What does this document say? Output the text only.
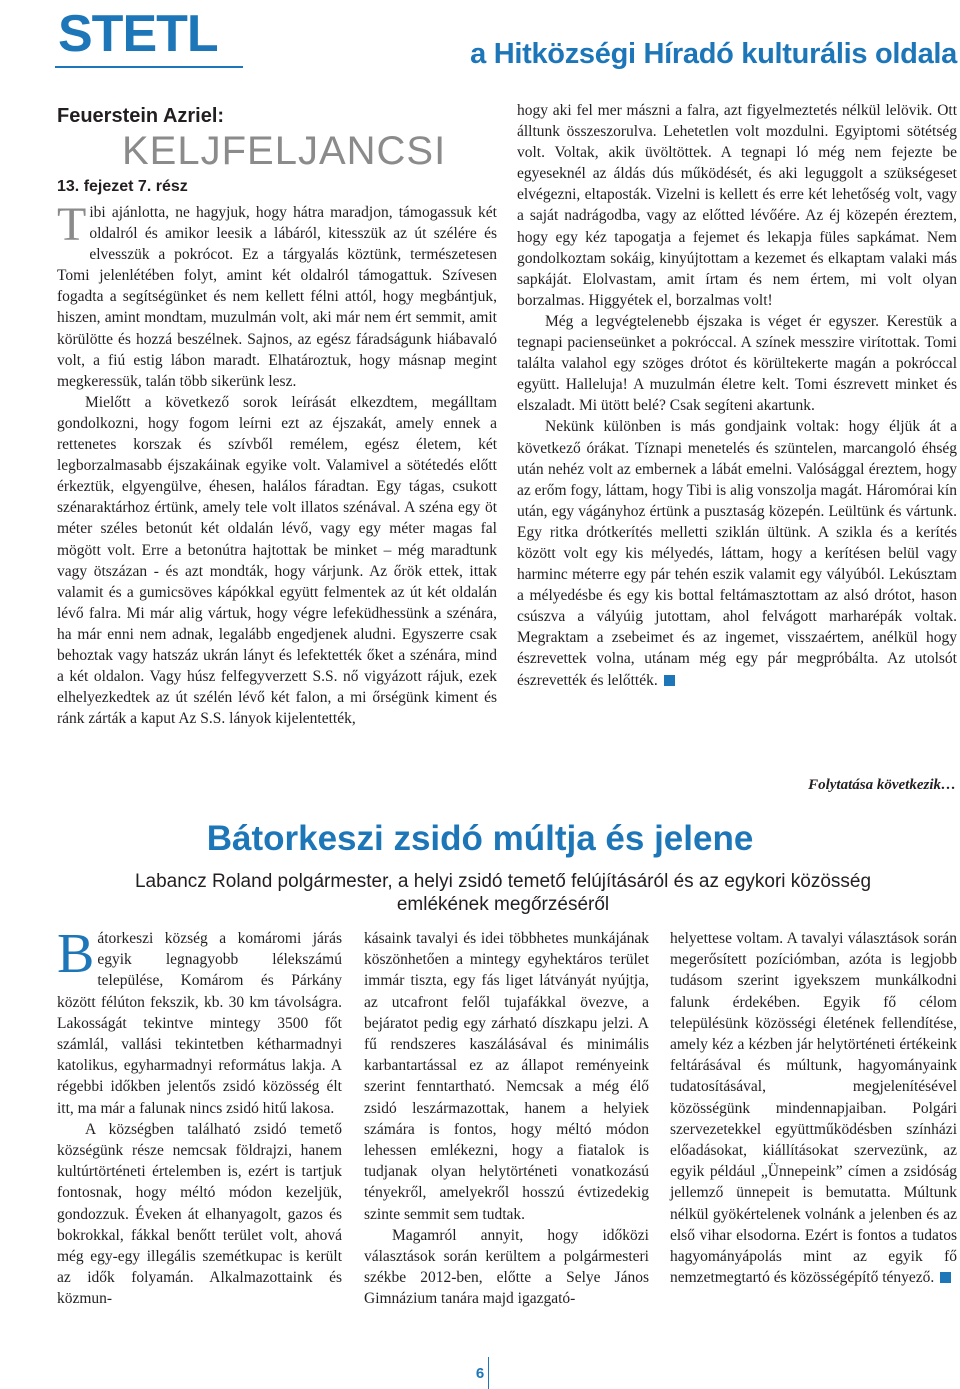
STETL	a Hitközségi Híradó kulturális oldala
Feuerstein Azriel:
KELJFELJANCSI
13. fejezet 7. rész

Tibi ajánlotta, ne hagyjuk, hogy hátra maradjon, támogassuk két oldalról és amikor leesik a lábáról, kitesszük az út szélére és elvesszük a pokrócot. Ez a tárgyalás köztünk, természetesen Tomi jelenlétében folyt, amint két oldalról támogattuk. Szívesen fogadta a segítségünket és nem kellett félni attól, hogy megbántjuk, hiszen, amint mondtam, muzulmán volt, aki már nem ért semmit, amit körülötte és hozzá beszélnek. Sajnos, az egész fáradságunk hiábavaló volt, a fiú estig lábon maradt. Elhatároztuk, hogy másnap megint megkeressük, talán több sikerünk lesz.

Mielőtt a következő sorok leírását elkezdtem, megálltam gondolkozni, hogy fogom leírni ezt az éjszakát, amely ennek a rettenetes korszak és szívből remélem, egész életem, két legborzalmasabb éjszakáinak egyike volt. Valamivel a sötétedés előtt érkeztük, elgyengülve, éhesen, halálos fáradtan. Egy tágas, csukott szénaraktárhoz értünk, amely tele volt illatos szénával. A széna egy öt méter széles betonút két oldalán lévő, vagy egy méter magas fal mögött volt. Erre a betonútra hajtottak be minket – még maradtunk vagy ötszázan - és azt mondták, hogy várjunk. Az őrök ettek, ittak valamit és a gumicsöves kápókkal együtt felmentek az út két oldalán lévő falra. Mi már alig vártuk, hogy végre lefeküdhessünk a szénára, ha már enni nem adnak, legalább engedjenek aludni. Egyszerre csak behoztak vagy hatszáz ukrán lányt és lefektették őket a szénára, mind a két oldalon. Vagy húsz felfegyverzett S.S. nő vigyázott rájuk, ezek elhelyezkedtek az út szélén lévő két falon, a mi őrségünk kiment és ránk zárták a kaput Az S.S. lányok kijelentették,

hogy aki fel mer mászni a falra, azt figyelmeztetés nélkül lelövik. Ott álltunk összeszorulva. Lehetetlen volt mozdulni. Egyiptomi sötétség volt. Voltak, akik üvöltöttek. A tegnapi ló még nem fejezte be egyeseknél az áldás dús működését, és aki leguggolt a szükségeset elvégezni, eltaposták. Vizelni is kellett és erre két lehetőség volt, vagy a saját nadrágodba, vagy az előtted lévőére. Az éj közepén éreztem, hogy egy kéz tapogatja a fejemet és lekapja füles sapkámat. Nem gondolkoztam sokáig, kinyújtottam a kezemet és elkaptam valaki más sapkáját. Elolvastam, amit írtam és nem értem, mi volt olyan borzalmas. Higgyétek el, borzalmas volt!

Még a legvégtelenebb éjszaka is véget ér egyszer. Kerestük a tegnapi pacienseünket a pokróccal. A színek messzire virítottak. Tomi találta valahol egy szöges drótot és körültekerte magán a pokróccal együtt. Halleluja! A muzulmán életre kelt. Tomi észrevett minket és elszaladt. Mi ütött belé? Csak segíteni akartunk.

Nekünk különben is más gondjaink voltak: hogy éljük át a következő órákat. Tíznapi menetelés és szüntelen, marcangoló éhség után nehéz volt az embernek a lábát emelni. Valósággal éreztem, hogy az erőm fogy, láttam, hogy Tibi is alig vonszolja magát. Háromórai kín után, egy vágányhoz értünk a pusztaság közepén. Leültünk és vártunk. Egy ritka drótkerítés melletti sziklán ültünk. A szikla és a kerítés között volt egy kis mélyedés, láttam, hogy a kerítésen belül vagy harminc méterre egy pár tehén eszik valamit egy vályúból. Lekúsztam a mélyedésbe és egy kis bottal feltámasztottam az alsó drótot, hason csúszva a vályúig jutottam, ahol felvágott marharépák voltak. Megraktam a zsebeimet és az ingemet, visszaértem, anélkül hogy észrevettek volna, utánam még egy pár megpróbálta. Az utolsót észrevették és lelőtték.

Folytatása következik…
Bátorkeszi zsidó múltja és jelene
Labancz Roland polgármester, a helyi zsidó temető felújításáról és az egykori közösség emlékének megőrzéséről

Bátorkeszi község a komáromi járás egyik legnagyobb lélekszámú települése, Komárom és Párkány között félúton fekszik, kb. 30 km távolságra. Lakosságát tekintve mintegy 3500 főt számlál, vallási tekintetben kétharmadnyi katolikus, egyharmadnyi református lakja. A régebbi időkben jelentős zsidó közösség élt itt, ma már a falunak nincs zsidó hitű lakosa.

A községben található zsidó temető községünk része nemcsak földrajzi, hanem kultúrtörténeti értelemben is, ezért is tartjuk fontosnak, hogy méltó módon kezeljük, gondozzuk. Éveken át elhanyagolt, gazos és bokrokkal, fákkal benőtt terület volt, ahová még egy-egy illegális szemétkupac is került az idők folyamán. Alkalmazottaink és közmun-

kásaink tavalyi és idei többhetes munkájának köszönhetően a mintegy egyhektáros terület immár tiszta, egy fás liget látványát nyújtja, az utcafront felől tujafákkal övezve, a bejáratot pedig egy zárható díszkapu jelzi. A fű rendszeres kaszálásával és minimális karbantartással ez az állapot reményeink szerint fenntartható. Nemcsak a még élő zsidó leszármazottak, hanem a helyiek számára is fontos, hogy méltó módon lehessen emlékezni, hogy a fiatalok is tudjanak olyan helytörténeti vonatkozású tényekről, amelyekről hosszú évtizedekig szinte semmit sem tudtak.

Magamról annyit, hogy időközi választások során kerültem a polgármesteri székbe 2012-ben, előtte a Selye János Gimnázium tanára majd igazgató-

helyettese voltam. A tavalyi választások során megerősített pozíciómban, azóta is legjobb tudásom szerint igyekszem munkálkodni falunk érdekében. Egyik fő célom településünk közösségi életének fellendítése, amely kéz a kézben jár helytörténeti értékeink feltárásával és múltunk, hagyományaink tudatosításával, megjelenítésével közösségünk mindennapjaiban. Polgári szervezetekkel együttműködésben színházi előadásokat, kiállításokat szervezünk, az egyik például „Ünnepeink” címen a zsidóság jellemző ünnepeit is bemutatta. Múltunk nélkül gyökértelenek volnánk a jelenben és az első vihar elsodorna. Ezért is fontos a tudatos hagyományápolás mint az egyik fő nemzetmegtartó és közösségépítő tényező.

6
